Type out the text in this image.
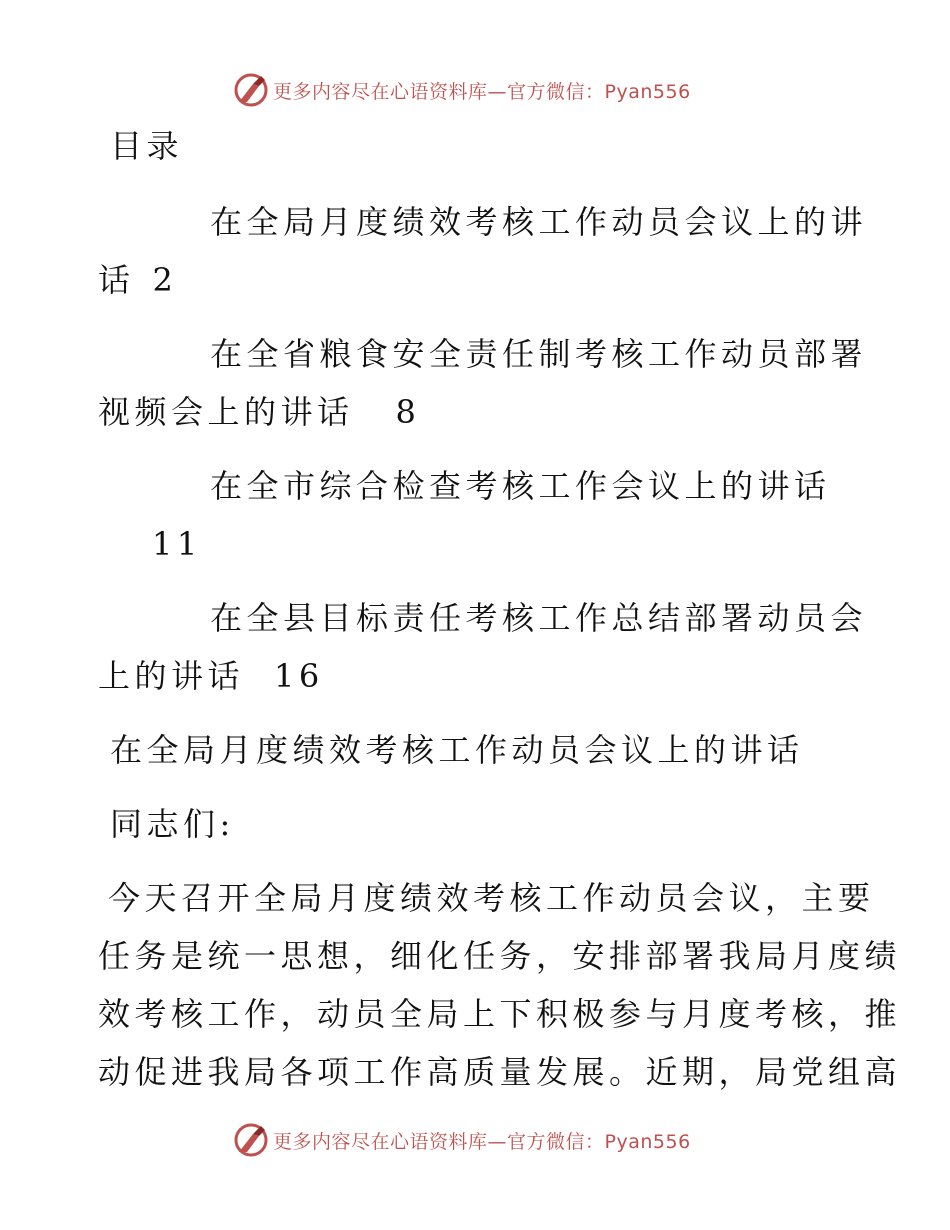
更多内容尽在心语资料库—官方微信：Pyan556
目录
在全局月度绩效考核工作动员会议上的讲
话 2
在全省粮食安全责任制考核工作动员部署
视频会上的讲话 8
在全市综合检查考核工作会议上的讲话
11
在全县目标责任考核工作总结部署动员会
上的讲话 16
在全局月度绩效考核工作动员会议上的讲话
同志们:
今天召开全局月度绩效考核工作动员会议，主要
任务是统一思想，细化任务，安排部署我局月度绩
效考核工作，动员全局上下积极参与月度考核，推
动促进我局各项工作高质量发展。近期，局党组高
更多内容尽在心语资料库—官方微信：Pyan556
